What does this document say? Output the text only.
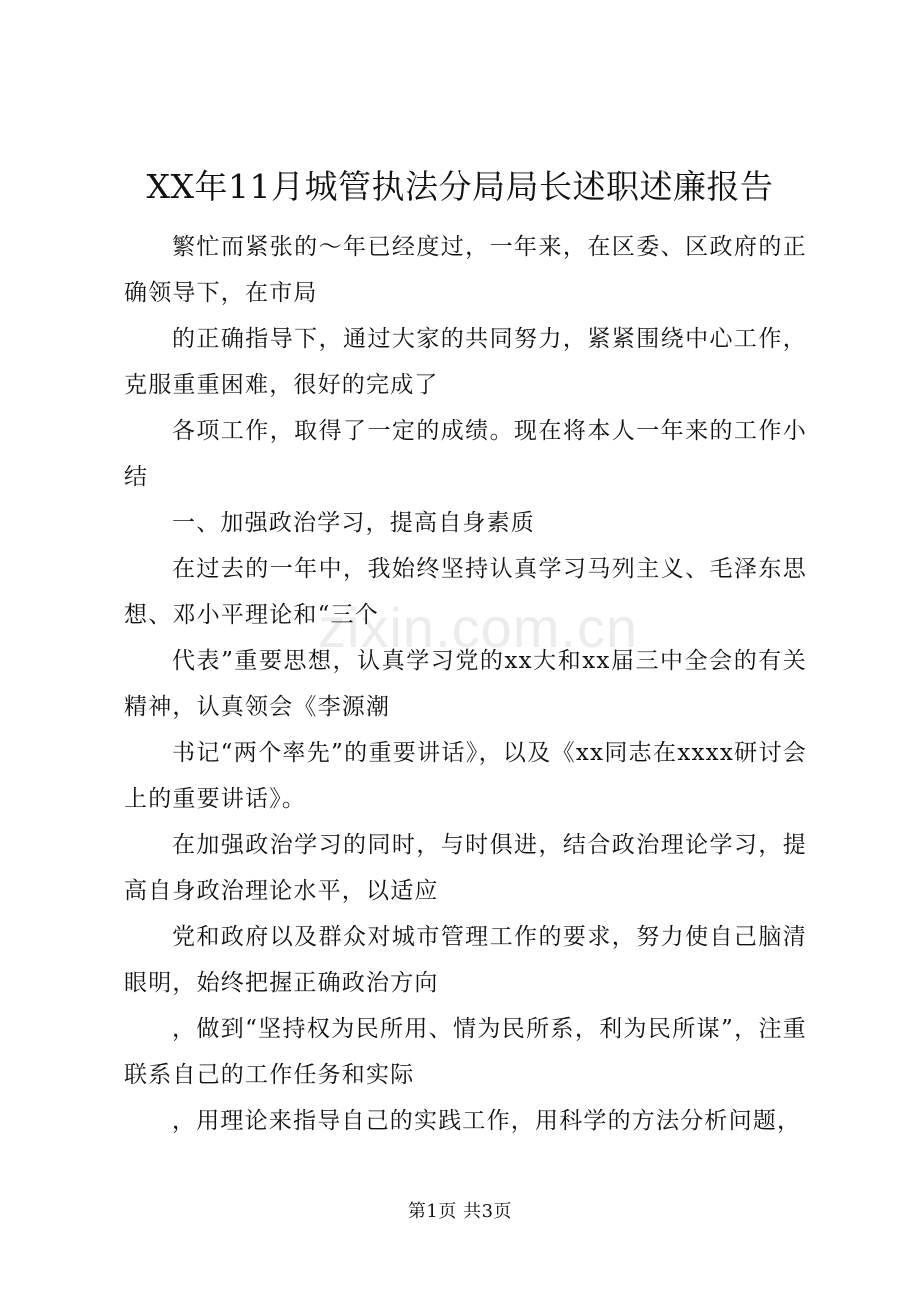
XX年11月城管执法分局局长述职述廉报告
zixin.com.cn

繁忙而紧张的～年已经度过，一年来，在区委、区政府的正确领导下，在市局

的正确指导下，通过大家的共同努力，紧紧围绕中心工作，克服重重困难，很好的完成了

各项工作，取得了一定的成绩。现在将本人一年来的工作小结

一、加强政治学习，提高自身素质

在过去的一年中，我始终坚持认真学习马列主义、毛泽东思想、邓小平理论和“三个

代表”重要思想，认真学习党的xx大和xx届三中全会的有关精神，认真领会《李源潮

书记“两个率先”的重要讲话》，以及《xx同志在xxxx研讨会上的重要讲话》。

在加强政治学习的同时，与时俱进，结合政治理论学习，提高自身政治理论水平，以适应

党和政府以及群众对城市管理工作的要求，努力使自己脑清眼明，始终把握正确政治方向

，做到“坚持权为民所用、情为民所系，利为民所谋”，注重联系自己的工作任务和实际

，用理论来指导自己的实践工作，用科学的方法分析问题，

第1页 共3页
